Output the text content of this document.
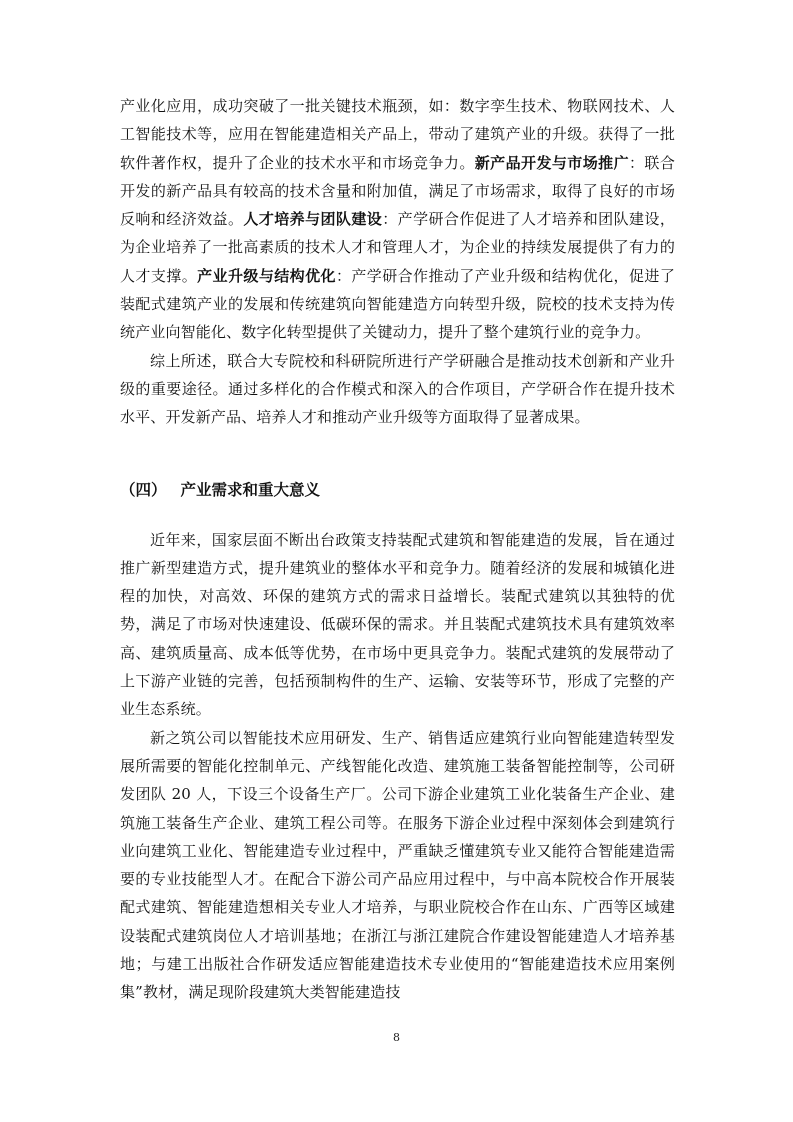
产业化应用，成功突破了一批关键技术瓶颈，如：数字孪生技术、物联网技术、人工智能技术等，应用在智能建造相关产品上，带动了建筑产业的升级。获得了一批软件著作权，提升了企业的技术水平和市场竞争力。新产品开发与市场推广：联合开发的新产品具有较高的技术含量和附加值，满足了市场需求，取得了良好的市场反响和经济效益。人才培养与团队建设：产学研合作促进了人才培养和团队建设，为企业培养了一批高素质的技术人才和管理人才，为企业的持续发展提供了有力的人才支撑。产业升级与结构优化：产学研合作推动了产业升级和结构优化，促进了装配式建筑产业的发展和传统建筑向智能建造方向转型升级，院校的技术支持为传统产业向智能化、数字化转型提供了关键动力，提升了整个建筑行业的竞争力。

综上所述，联合大专院校和科研院所进行产学研融合是推动技术创新和产业升级的重要途径。通过多样化的合作模式和深入的合作项目，产学研合作在提升技术水平、开发新产品、培养人才和推动产业升级等方面取得了显著成果。

（四） 产业需求和重大意义

近年来，国家层面不断出台政策支持装配式建筑和智能建造的发展，旨在通过推广新型建造方式，提升建筑业的整体水平和竞争力。随着经济的发展和城镇化进程的加快，对高效、环保的建筑方式的需求日益增长。装配式建筑以其独特的优势，满足了市场对快速建设、低碳环保的需求。并且装配式建筑技术具有建筑效率高、建筑质量高、成本低等优势，在市场中更具竞争力。装配式建筑的发展带动了上下游产业链的完善，包括预制构件的生产、运输、安装等环节，形成了完整的产业生态系统。

新之筑公司以智能技术应用研发、生产、销售适应建筑行业向智能建造转型发展所需要的智能化控制单元、产线智能化改造、建筑施工装备智能控制等，公司研发团队 20 人，下设三个设备生产厂。公司下游企业建筑工业化装备生产企业、建筑施工装备生产企业、建筑工程公司等。在服务下游企业过程中深刻体会到建筑行业向建筑工业化、智能建造专业过程中，严重缺乏懂建筑专业又能符合智能建造需要的专业技能型人才。在配合下游公司产品应用过程中，与中高本院校合作开展装配式建筑、智能建造想相关专业人才培养，与职业院校合作在山东、广西等区域建设装配式建筑岗位人才培训基地；在浙江与浙江建院合作建设智能建造人才培养基地；与建工出版社合作研发适应智能建造技术专业使用的“智能建造技术应用案例集”教材，满足现阶段建筑大类智能建造技

8
